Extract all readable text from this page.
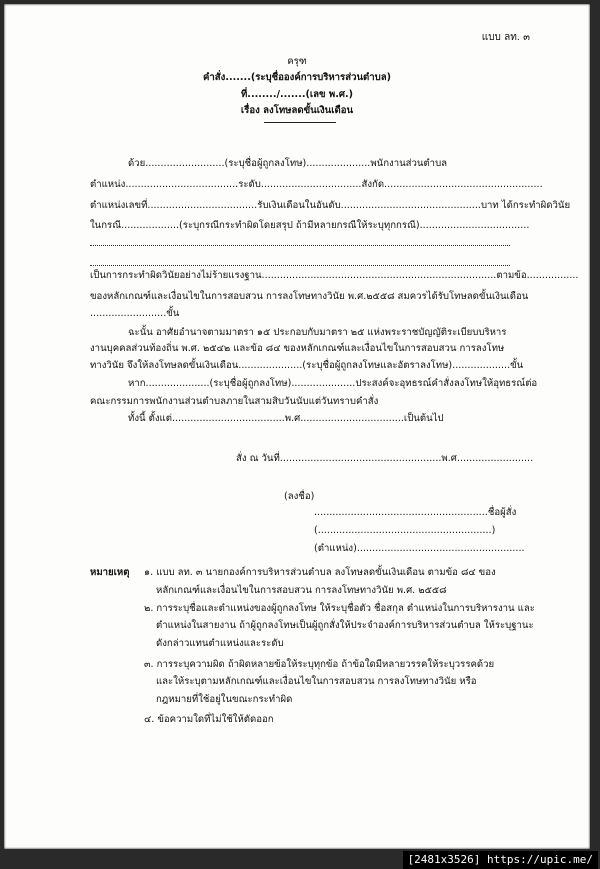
แบบ ลท. ๓
ครุฑ
คำสั่ง.......(ระบุชื่อองค์การบริหารส่วนตำบล)
ที่......../.......(เลข พ.ศ.)
เรื่อง ลงโทษลดขั้นเงินเดือน
ด้วย..........................(ระบุชื่อผู้ถูกลงโทษ).....................พนักงานส่วนตำบล
ตำแหน่ง.....................................ระดับ.................................สังกัด....................................................
ตำแหน่งเลขที่....................................รับเงินเดือนในอันดับ..............................................บาท ได้กระทำผิดวินัย
ในกรณี...................(ระบุกรณีกระทำผิดโดยสรุป ถ้ามีหลายกรณีให้ระบุทุกกรณี)....................................
เป็นการกระทำผิดวินัยอย่างไม่ร้ายแรงฐาน.............................................................................ตามข้อ.................
ของหลักเกณฑ์และเงื่อนไขในการสอบสวน การลงโทษทางวินัย พ.ศ.๒๕๕๘ สมควรได้รับโทษลดขั้นเงินเดือน
.........................ขั้น
ฉะนั้น อาศัยอำนาจตามมาตรา ๑๕ ประกอบกับมาตรา ๒๕ แห่งพระราชบัญญัติระเบียบบริหาร
งานบุคคลส่วนท้องถิ่น พ.ศ. ๒๕๔๒ และข้อ ๘๔ ของหลักเกณฑ์และเงื่อนไขในการสอบสวน การลงโทษ
ทางวินัย จึงให้ลงโทษลดขั้นเงินเดือน.....................(ระบุชื่อผู้ถูกลงโทษและอัตราลงโทษ)...................ขั้น
หาก.....................(ระบุชื่อผู้ถูกลงโทษ).....................ประสงค์จะอุทธรณ์คำสั่งลงโทษให้อุทธรณ์ต่อ
คณะกรรมการพนักงานส่วนตำบลภายในสามสิบวันนับแต่วันทราบคำสั่ง
ทั้งนี้ ตั้งแต่.....................................พ.ศ..................................เป็นต้นไป
สั่ง ณ วันที่.....................................................พ.ศ.........................
(ลงชื่อ)
.........................................................ชื่อผู้สั่ง
(.........................................................)
(ตำแหน่ง).......................................................
หมายเหตุ ๑. แบบ ลท. ๓ นายกองค์การบริหารส่วนตำบล ลงโทษลดขั้นเงินเดือน ตามข้อ ๘๔ ของ
หลักเกณฑ์และเงื่อนไขในการสอบสวน การลงโทษทางวินัย พ.ศ. ๒๕๕๘
๒. การระบุชื่อและตำแหน่งของผู้ถูกลงโทษ ให้ระบุชื่อตัว ชื่อสกุล ตำแหน่งในการบริหารงาน และ
ตำแหน่งในสายงาน ถ้าผู้ถูกลงโทษเป็นผู้ถูกสั่งให้ประจำองค์การบริหารส่วนตำบล ให้ระบุฐานะ
ดังกล่าวแทนตำแหน่งและระดับ
๓. การระบุความผิด ถ้าผิดหลายข้อให้ระบุทุกข้อ ถ้าข้อใดมีหลายวรรคให้ระบุวรรคด้วย
และให้ระบุตามหลักเกณฑ์และเงื่อนไขในการสอบสวน การลงโทษทางวินัย หรือ
กฎหมายที่ใช้อยู่ในขณะกระทำผิด
๔. ข้อความใดที่ไม่ใช้ให้ตัดออก
[2481x3526] https://upic.me/
